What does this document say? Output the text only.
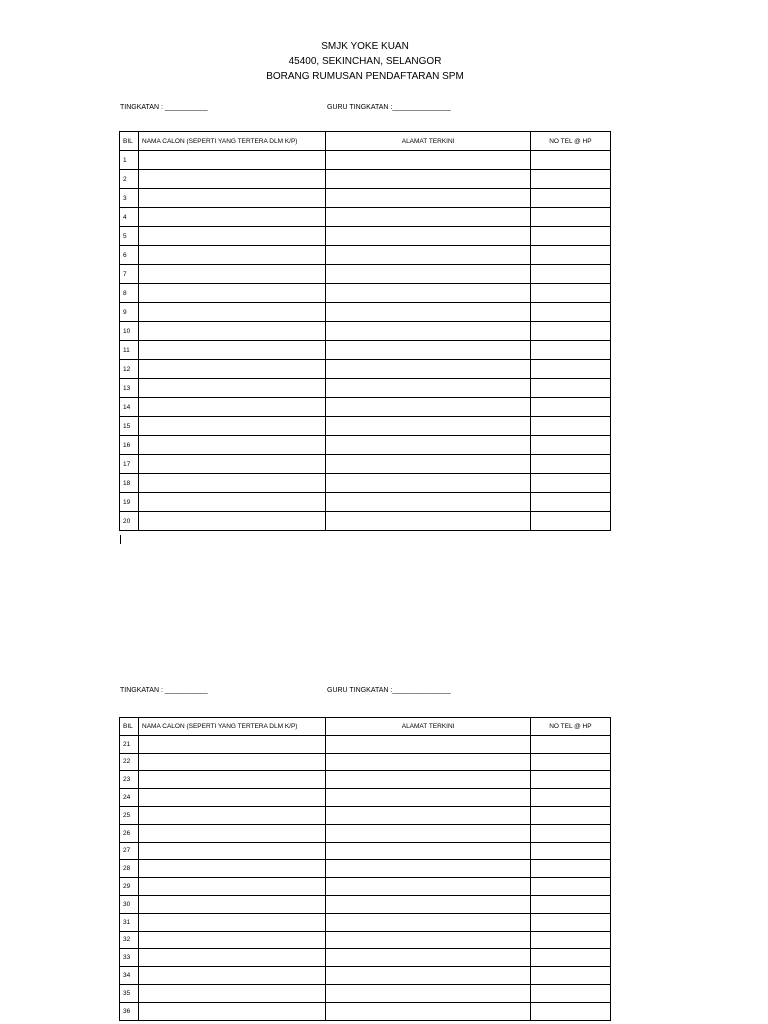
SMJK YOKE KUAN
45400, SEKINCHAN, SELANGOR
BORANG RUMUSAN PENDAFTARAN SPM
TINGKATAN : ___________	GURU TINGKATAN :_______________
BIL	NAMA CALON (SEPERTI YANG TERTERA DLM K/P)	ALAMAT TERKINI	NO TEL @ HP
1			
2			
3			
4			
5			
6			
7			
8			
9			
10			
11			
12			
13			
14			
15			
16			
17			
18			
19			
20			
TINGKATAN : ___________	GURU TINGKATAN :_______________
BIL	NAMA CALON (SEPERTI YANG TERTERA DLM K/P)	ALAMAT TERKINI	NO TEL @ HP
21			
22			
23			
24			
25			
26			
27			
28			
29			
30			
31			
32			
33			
34			
35			
36			
